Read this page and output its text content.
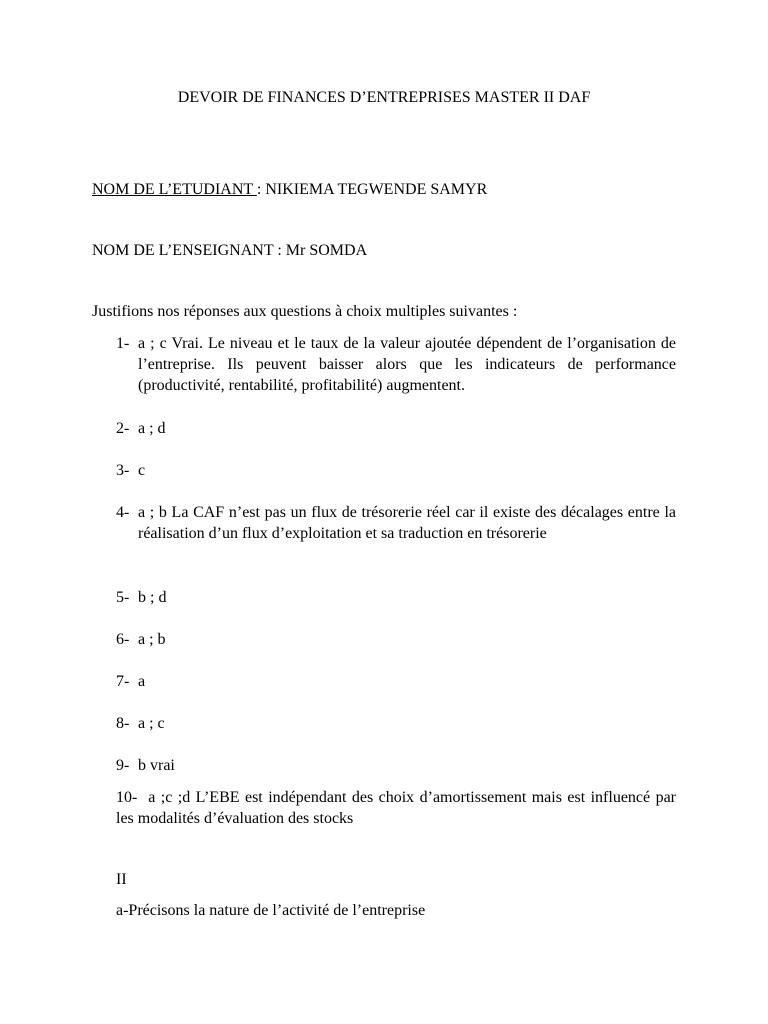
DEVOIR DE FINANCES D’ENTREPRISES MASTER II DAF
NOM DE L’ETUDIANT : NIKIEMA TEGWENDE SAMYR
NOM DE L’ENSEIGNANT : Mr SOMDA
Justifions nos réponses aux questions à choix multiples suivantes :
1- a ; c Vrai. Le niveau et le taux de la valeur ajoutée dépendent de l’organisation de l’entreprise. Ils peuvent baisser alors que les indicateurs de performance (productivité, rentabilité, profitabilité) augmentent.
2- a ; d
3- c
4- a ; b La CAF n’est pas un flux de trésorerie réel car il existe des décalages entre la réalisation d’un flux d’exploitation et sa traduction en trésorerie
5- b ; d
6- a ; b
7- a
8- a ; c
9- b vrai
10- a ;c ;d L’EBE est indépendant des choix d’amortissement mais est influencé par les modalités d’évaluation des stocks
II
a-Précisons la nature de l’activité de l’entreprise
